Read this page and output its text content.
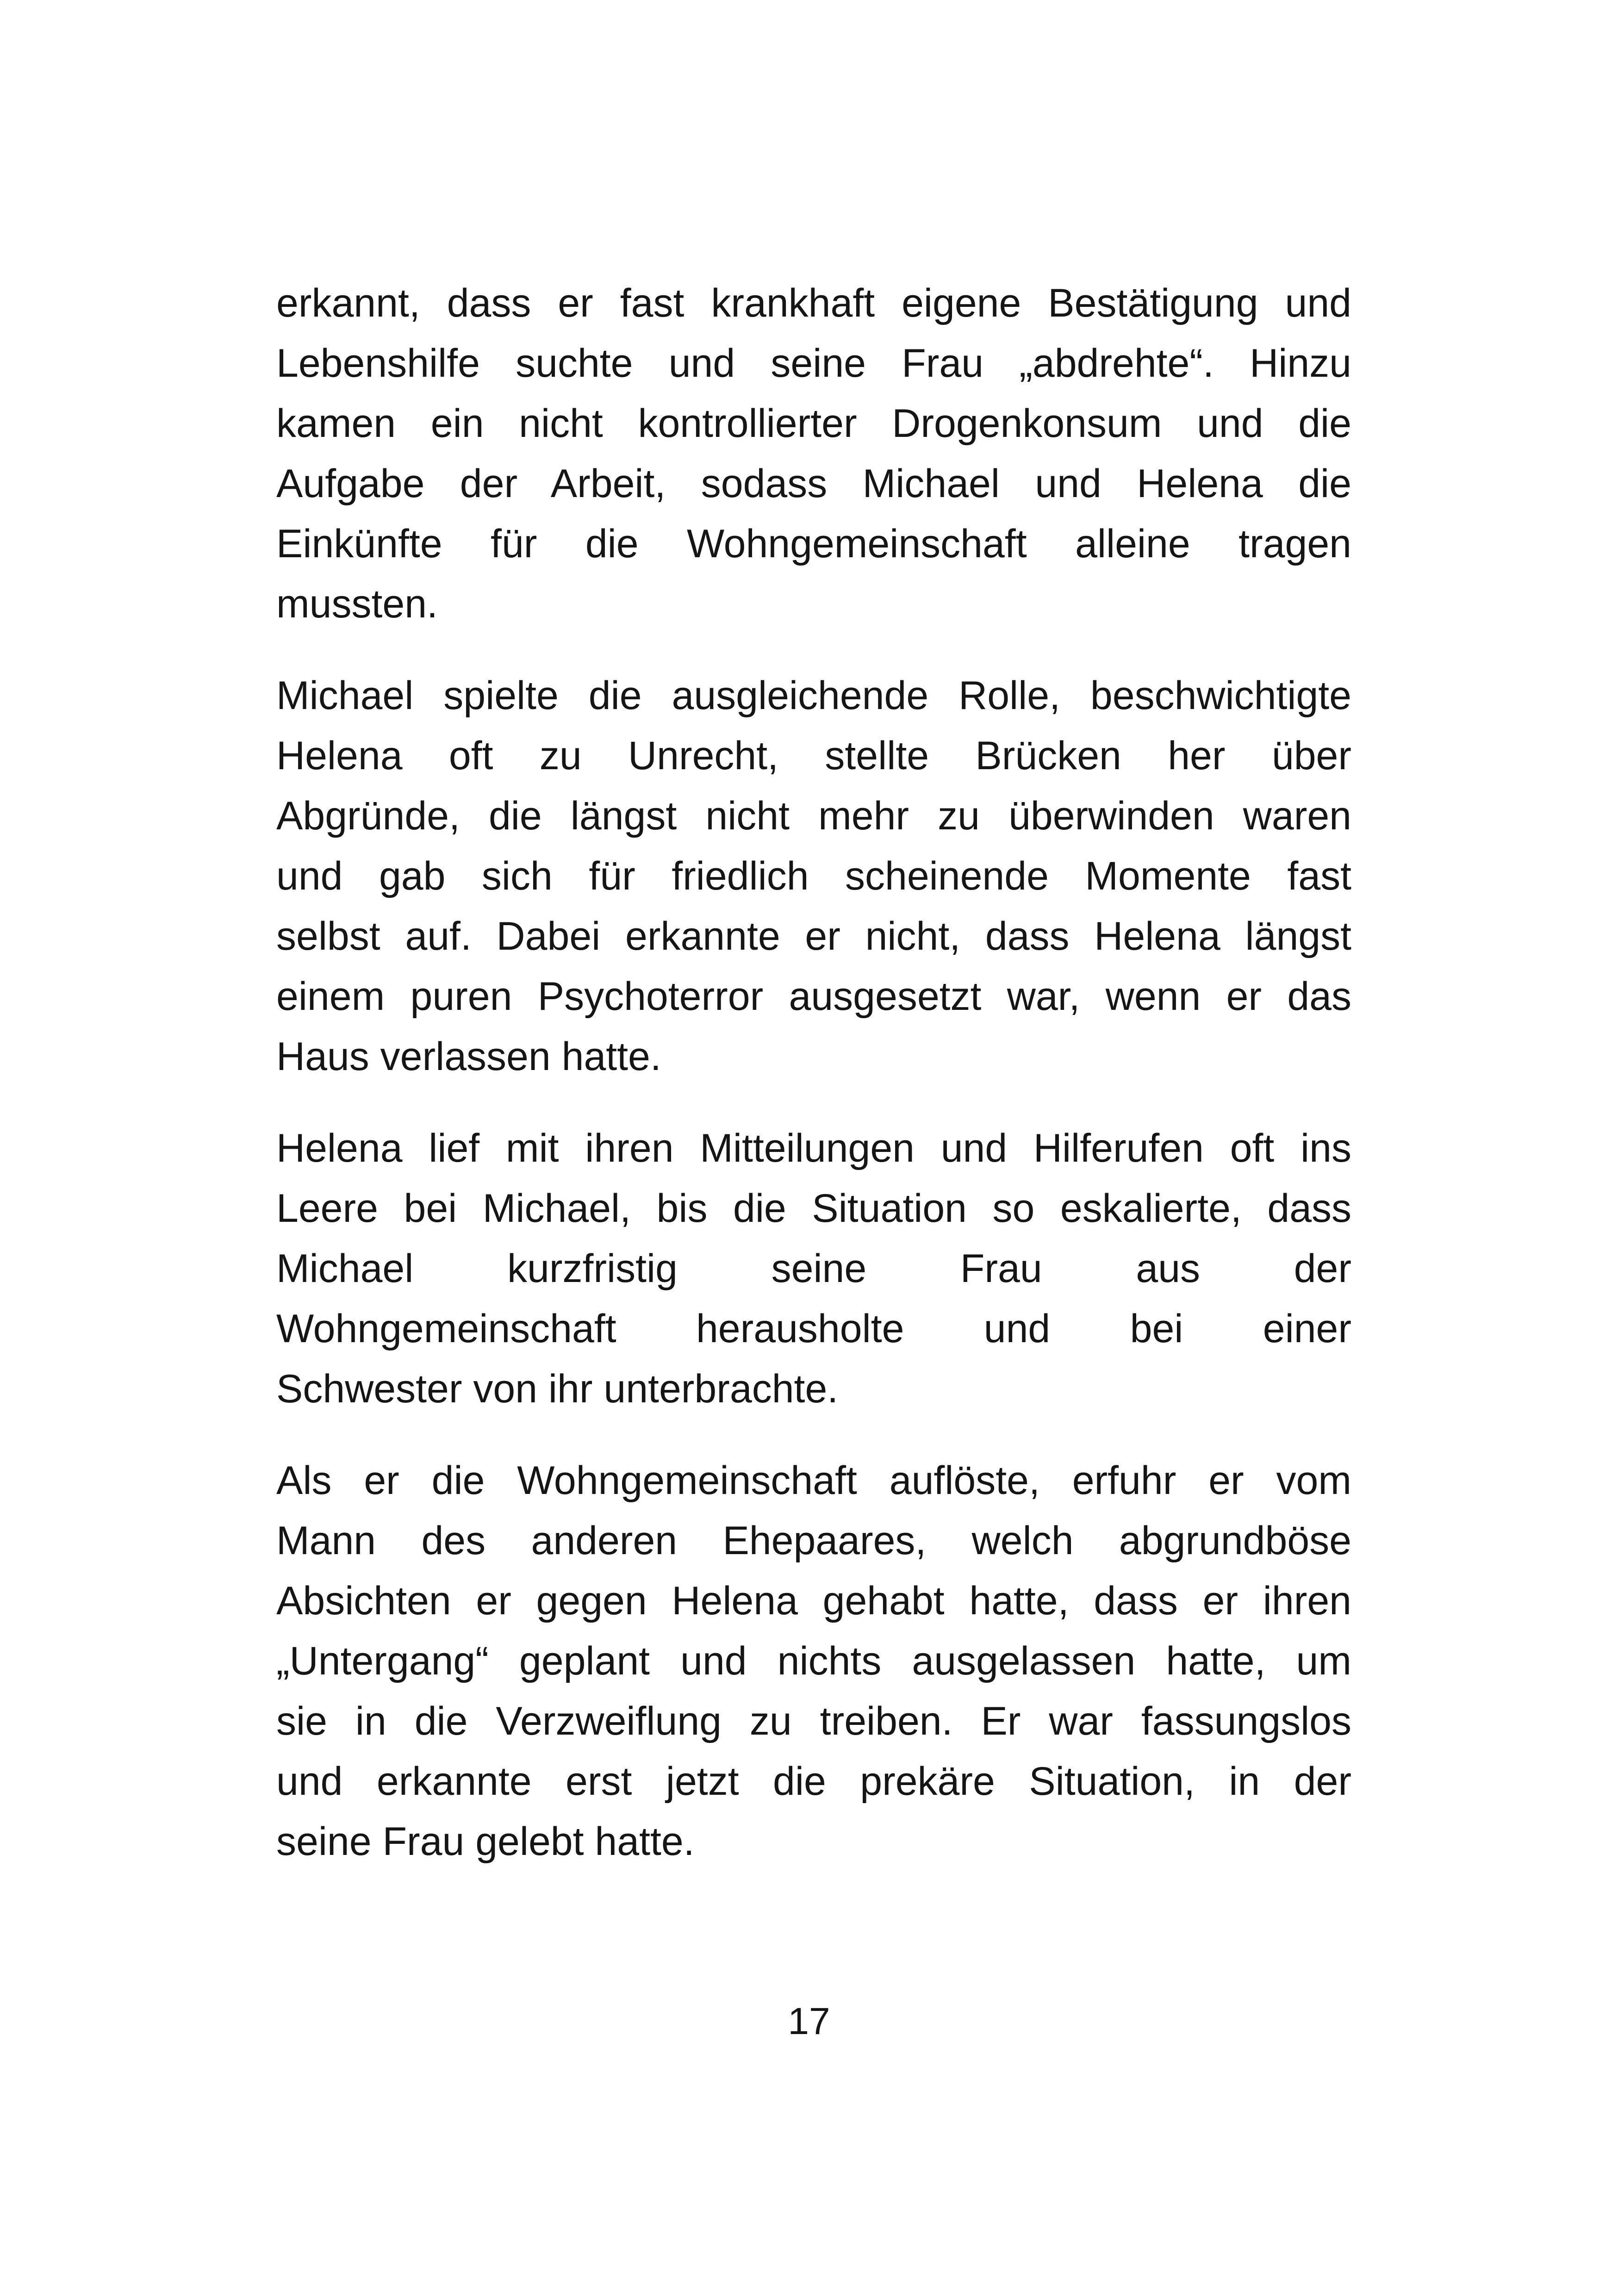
erkannt, dass er fast krankhaft eigene Bestätigung und
Lebenshilfe suchte und seine Frau „abdrehte“. Hinzu
kamen ein nicht kontrollierter Drogenkonsum und die
Aufgabe der Arbeit, sodass Michael und Helena die
Einkünfte für die Wohngemeinschaft alleine tragen
mussten.

Michael spielte die ausgleichende Rolle, beschwichtigte
Helena oft zu Unrecht, stellte Brücken her über
Abgründe, die längst nicht mehr zu überwinden waren
und gab sich für friedlich scheinende Momente fast
selbst auf. Dabei erkannte er nicht, dass Helena längst
einem puren Psychoterror ausgesetzt war, wenn er das
Haus verlassen hatte.

Helena lief mit ihren Mitteilungen und Hilferufen oft ins
Leere bei Michael, bis die Situation so eskalierte, dass
Michael kurzfristig seine Frau aus der
Wohngemeinschaft herausholte und bei einer
Schwester von ihr unterbrachte.

Als er die Wohngemeinschaft auflöste, erfuhr er vom
Mann des anderen Ehepaares, welch abgrundböse
Absichten er gegen Helena gehabt hatte, dass er ihren
„Untergang“ geplant und nichts ausgelassen hatte, um
sie in die Verzweiflung zu treiben. Er war fassungslos
und erkannte erst jetzt die prekäre Situation, in der
seine Frau gelebt hatte.

17
